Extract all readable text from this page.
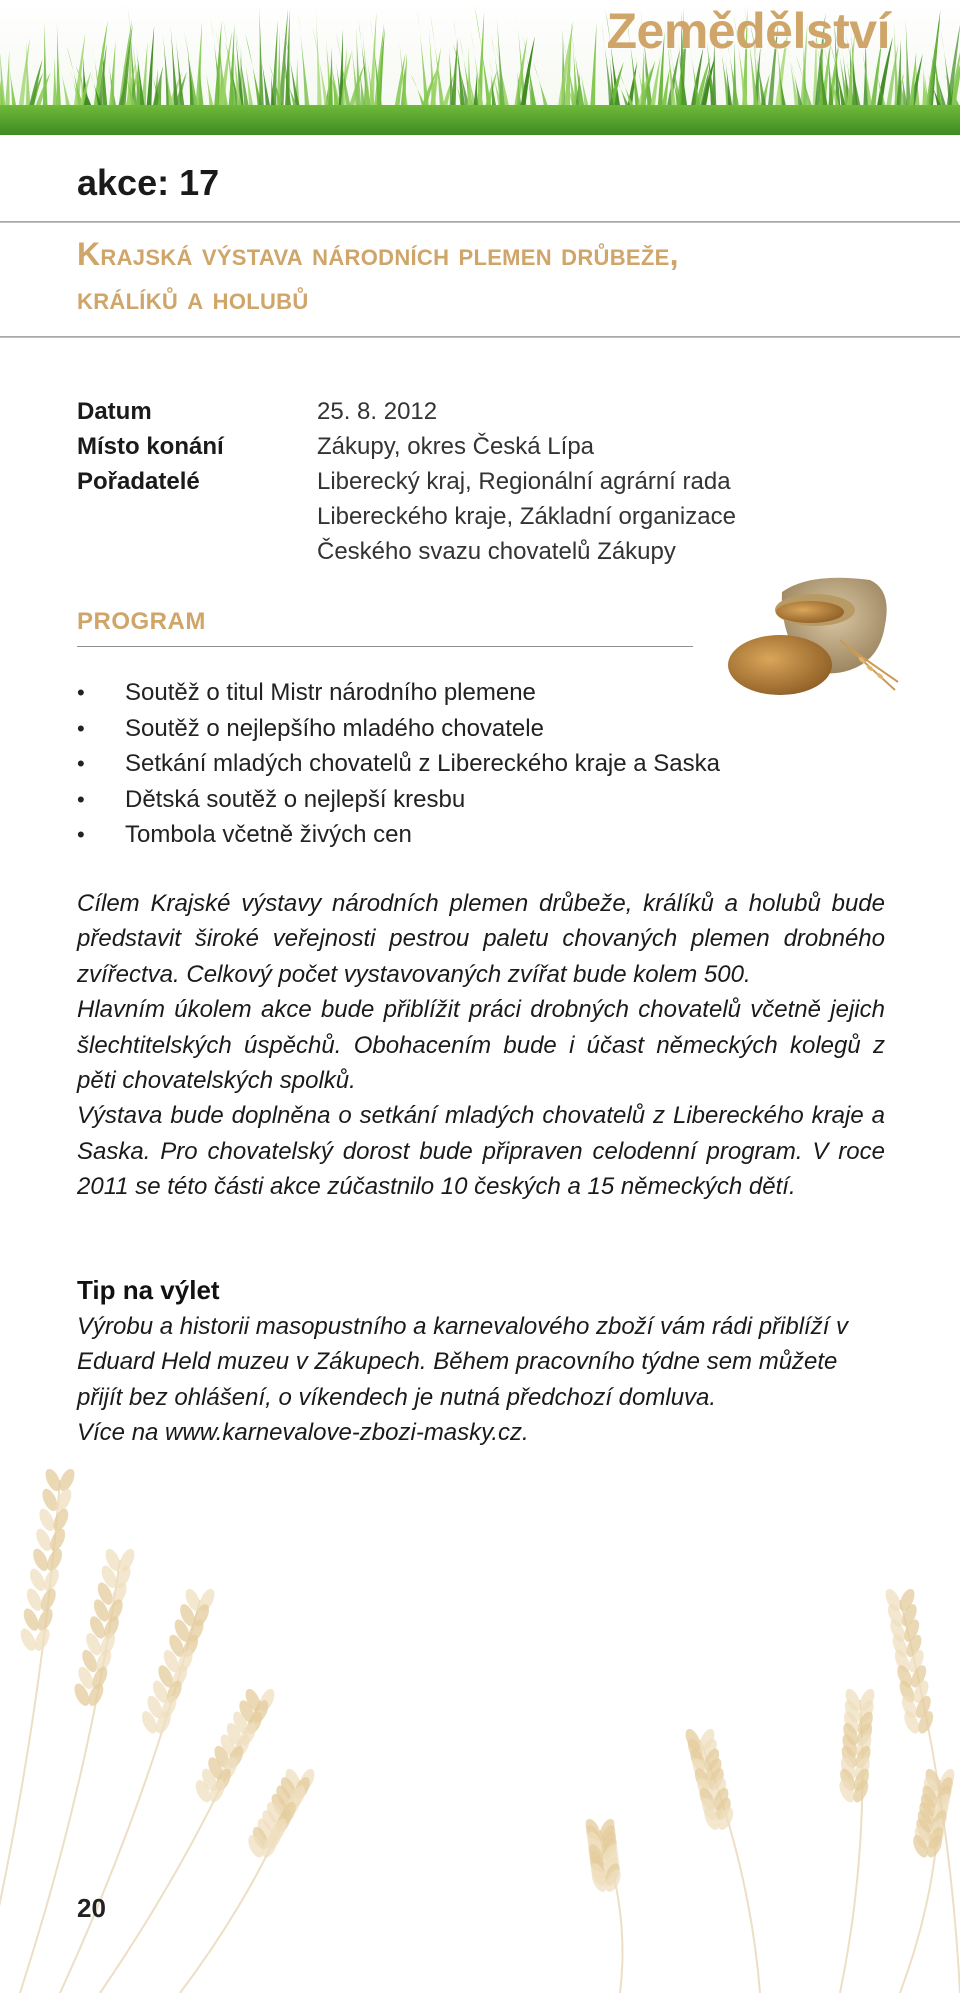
Zemědělství
akce: 17
Krajská výstava národních plemen drůbeže,
králíků a holubů
Datum	25. 8. 2012
Místo konání	Zákupy, okres Česká Lípa
Pořadatelé	Liberecký kraj, Regionální agrární rada
Libereckého kraje, Základní organizace
Českého svazu chovatelů Zákupy
PROGRAM
•	Soutěž o titul Mistr národního plemene
•	Soutěž o nejlepšího mladého chovatele
•	Setkání mladých chovatelů z Libereckého kraje a Saska
•	Dětská soutěž o nejlepší kresbu
•	Tombola včetně živých cen

Cílem Krajské výstavy národních plemen drůbeže, králíků a holubů bude představit široké veřejnosti pestrou paletu chovaných plemen drobného zvířectva. Celkový počet vystavovaných zvířat bude kolem 500.

Hlavním úkolem akce bude přiblížit práci drobných chovatelů včetně jejich šlechtitelských úspěchů. Obohacením bude i účast německých kolegů z pěti chovatelských spolků.

Výstava bude doplněna o setkání mladých chovatelů z Libereckého kraje a Saska. Pro chovatelský dorost bude připraven celodenní program. V roce 2011 se této části akce zúčastnilo 10 českých a 15 německých dětí.

Tip na výlet

Výrobu a historii masopustního a karnevalového zboží vám rádi přiblíží v Eduard Held muzeu v Zákupech. Během pracovního týdne sem můžete přijít bez ohlášení, o víkendech je nutná předchozí domluva.

Více na www.karnevalove-zbozi-masky.cz.

20
